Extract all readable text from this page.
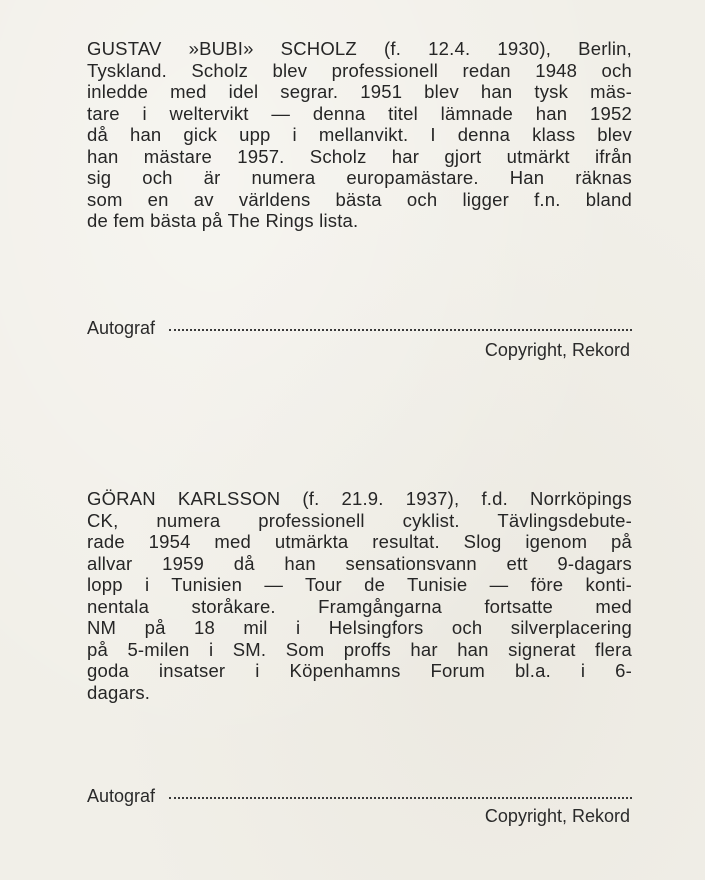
GUSTAV »BUBI» SCHOLZ (f. 12.4. 1930), Berlin,
Tyskland. Scholz blev professionell redan 1948 och
inledde med idel segrar. 1951 blev han tysk mäs-
tare i weltervikt — denna titel lämnade han 1952
då han gick upp i mellanvikt. I denna klass blev
han mästare 1957. Scholz har gjort utmärkt ifrån
sig och är numera europamästare. Han räknas
som en av världens bästa och ligger f.n. bland
de fem bästa på The Rings lista.

Autograf
Copyright, Rekord

GÖRAN KARLSSON (f. 21.9. 1937), f.d. Norrköpings
CK, numera professionell cyklist. Tävlingsdebute-
rade 1954 med utmärkta resultat. Slog igenom på
allvar 1959 då han sensationsvann ett 9-dagars
lopp i Tunisien — Tour de Tunisie — före konti-
nentala storåkare. Framgångarna fortsatte med
NM på 18 mil i Helsingfors och silverplacering
på 5-milen i SM. Som proffs har han signerat flera
goda insatser i Köpenhamns Forum bl.a. i 6-
dagars.

Autograf
Copyright, Rekord
